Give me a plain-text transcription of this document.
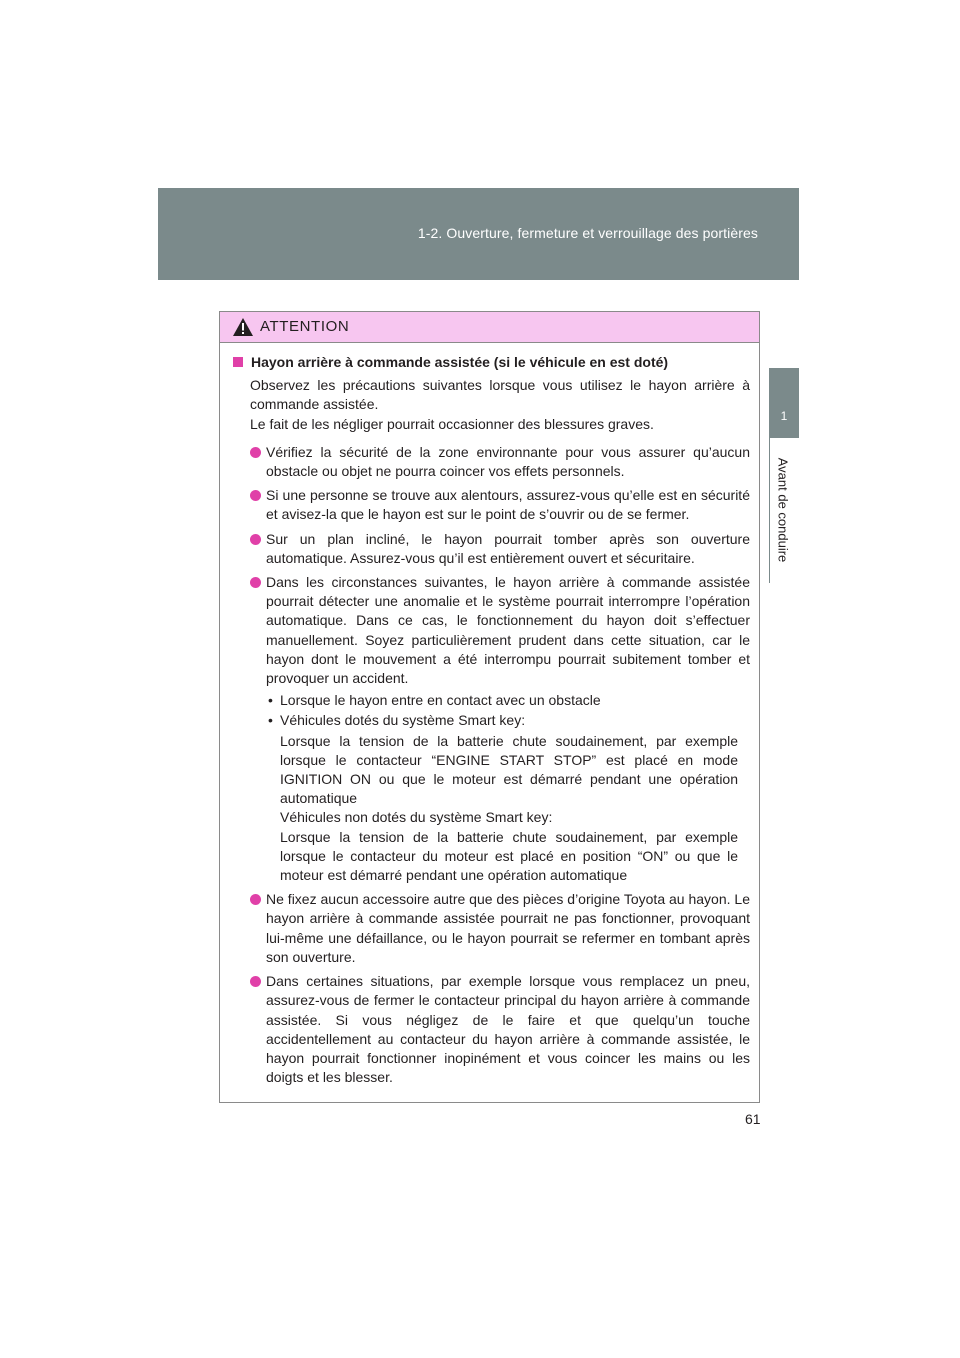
1-2. Ouverture, fermeture et verrouillage des portières
1
Avant de conduire
ATTENTION
Hayon arrière à commande assistée (si le véhicule en est doté)

Observez les précautions suivantes lorsque vous utilisez le hayon arrière à commande assistée.
Le fait de les négliger pourrait occasionner des blessures graves.

Vérifiez la sécurité de la zone environnante pour vous assurer qu’aucun obstacle ou objet ne pourra coincer vos effets personnels.
Si une personne se trouve aux alentours, assurez-vous qu’elle est en sécurité et avisez-la que le hayon est sur le point de s’ouvrir ou de se fermer.
Sur un plan incliné, le hayon pourrait tomber après son ouverture automatique. Assurez-vous qu’il est entièrement ouvert et sécuritaire.
Dans les circonstances suivantes, le hayon arrière à commande assistée pourrait détecter une anomalie et le système pourrait interrompre l’opération automatique. Dans ce cas, le fonctionnement du hayon doit s’effectuer manuellement. Soyez particulièrement prudent dans cette situation, car le hayon dont le mouvement a été interrompu pourrait subitement tomber et provoquer un accident.
• Lorsque le hayon entre en contact avec un obstacle
• Véhicules dotés du système Smart key:
Lorsque la tension de la batterie chute soudainement, par exemple lorsque le contacteur “ENGINE START STOP” est placé en mode IGNITION ON ou que le moteur est démarré pendant une opération automatique
Véhicules non dotés du système Smart key:
Lorsque la tension de la batterie chute soudainement, par exemple lorsque le contacteur du moteur est placé en position “ON” ou que le moteur est démarré pendant une opération automatique
Ne fixez aucun accessoire autre que des pièces d’origine Toyota au hayon. Le hayon arrière à commande assistée pourrait ne pas fonctionner, provoquant lui-même une défaillance, ou le hayon pourrait se refermer en tombant après son ouverture.
Dans certaines situations, par exemple lorsque vous remplacez un pneu, assurez-vous de fermer le contacteur principal du hayon arrière à commande assistée. Si vous négligez de le faire et que quelqu’un touche accidentellement au contacteur du hayon arrière à commande assistée, le hayon pourrait fonctionner inopinément et vous coincer les mains ou les doigts et les blesser.
61
